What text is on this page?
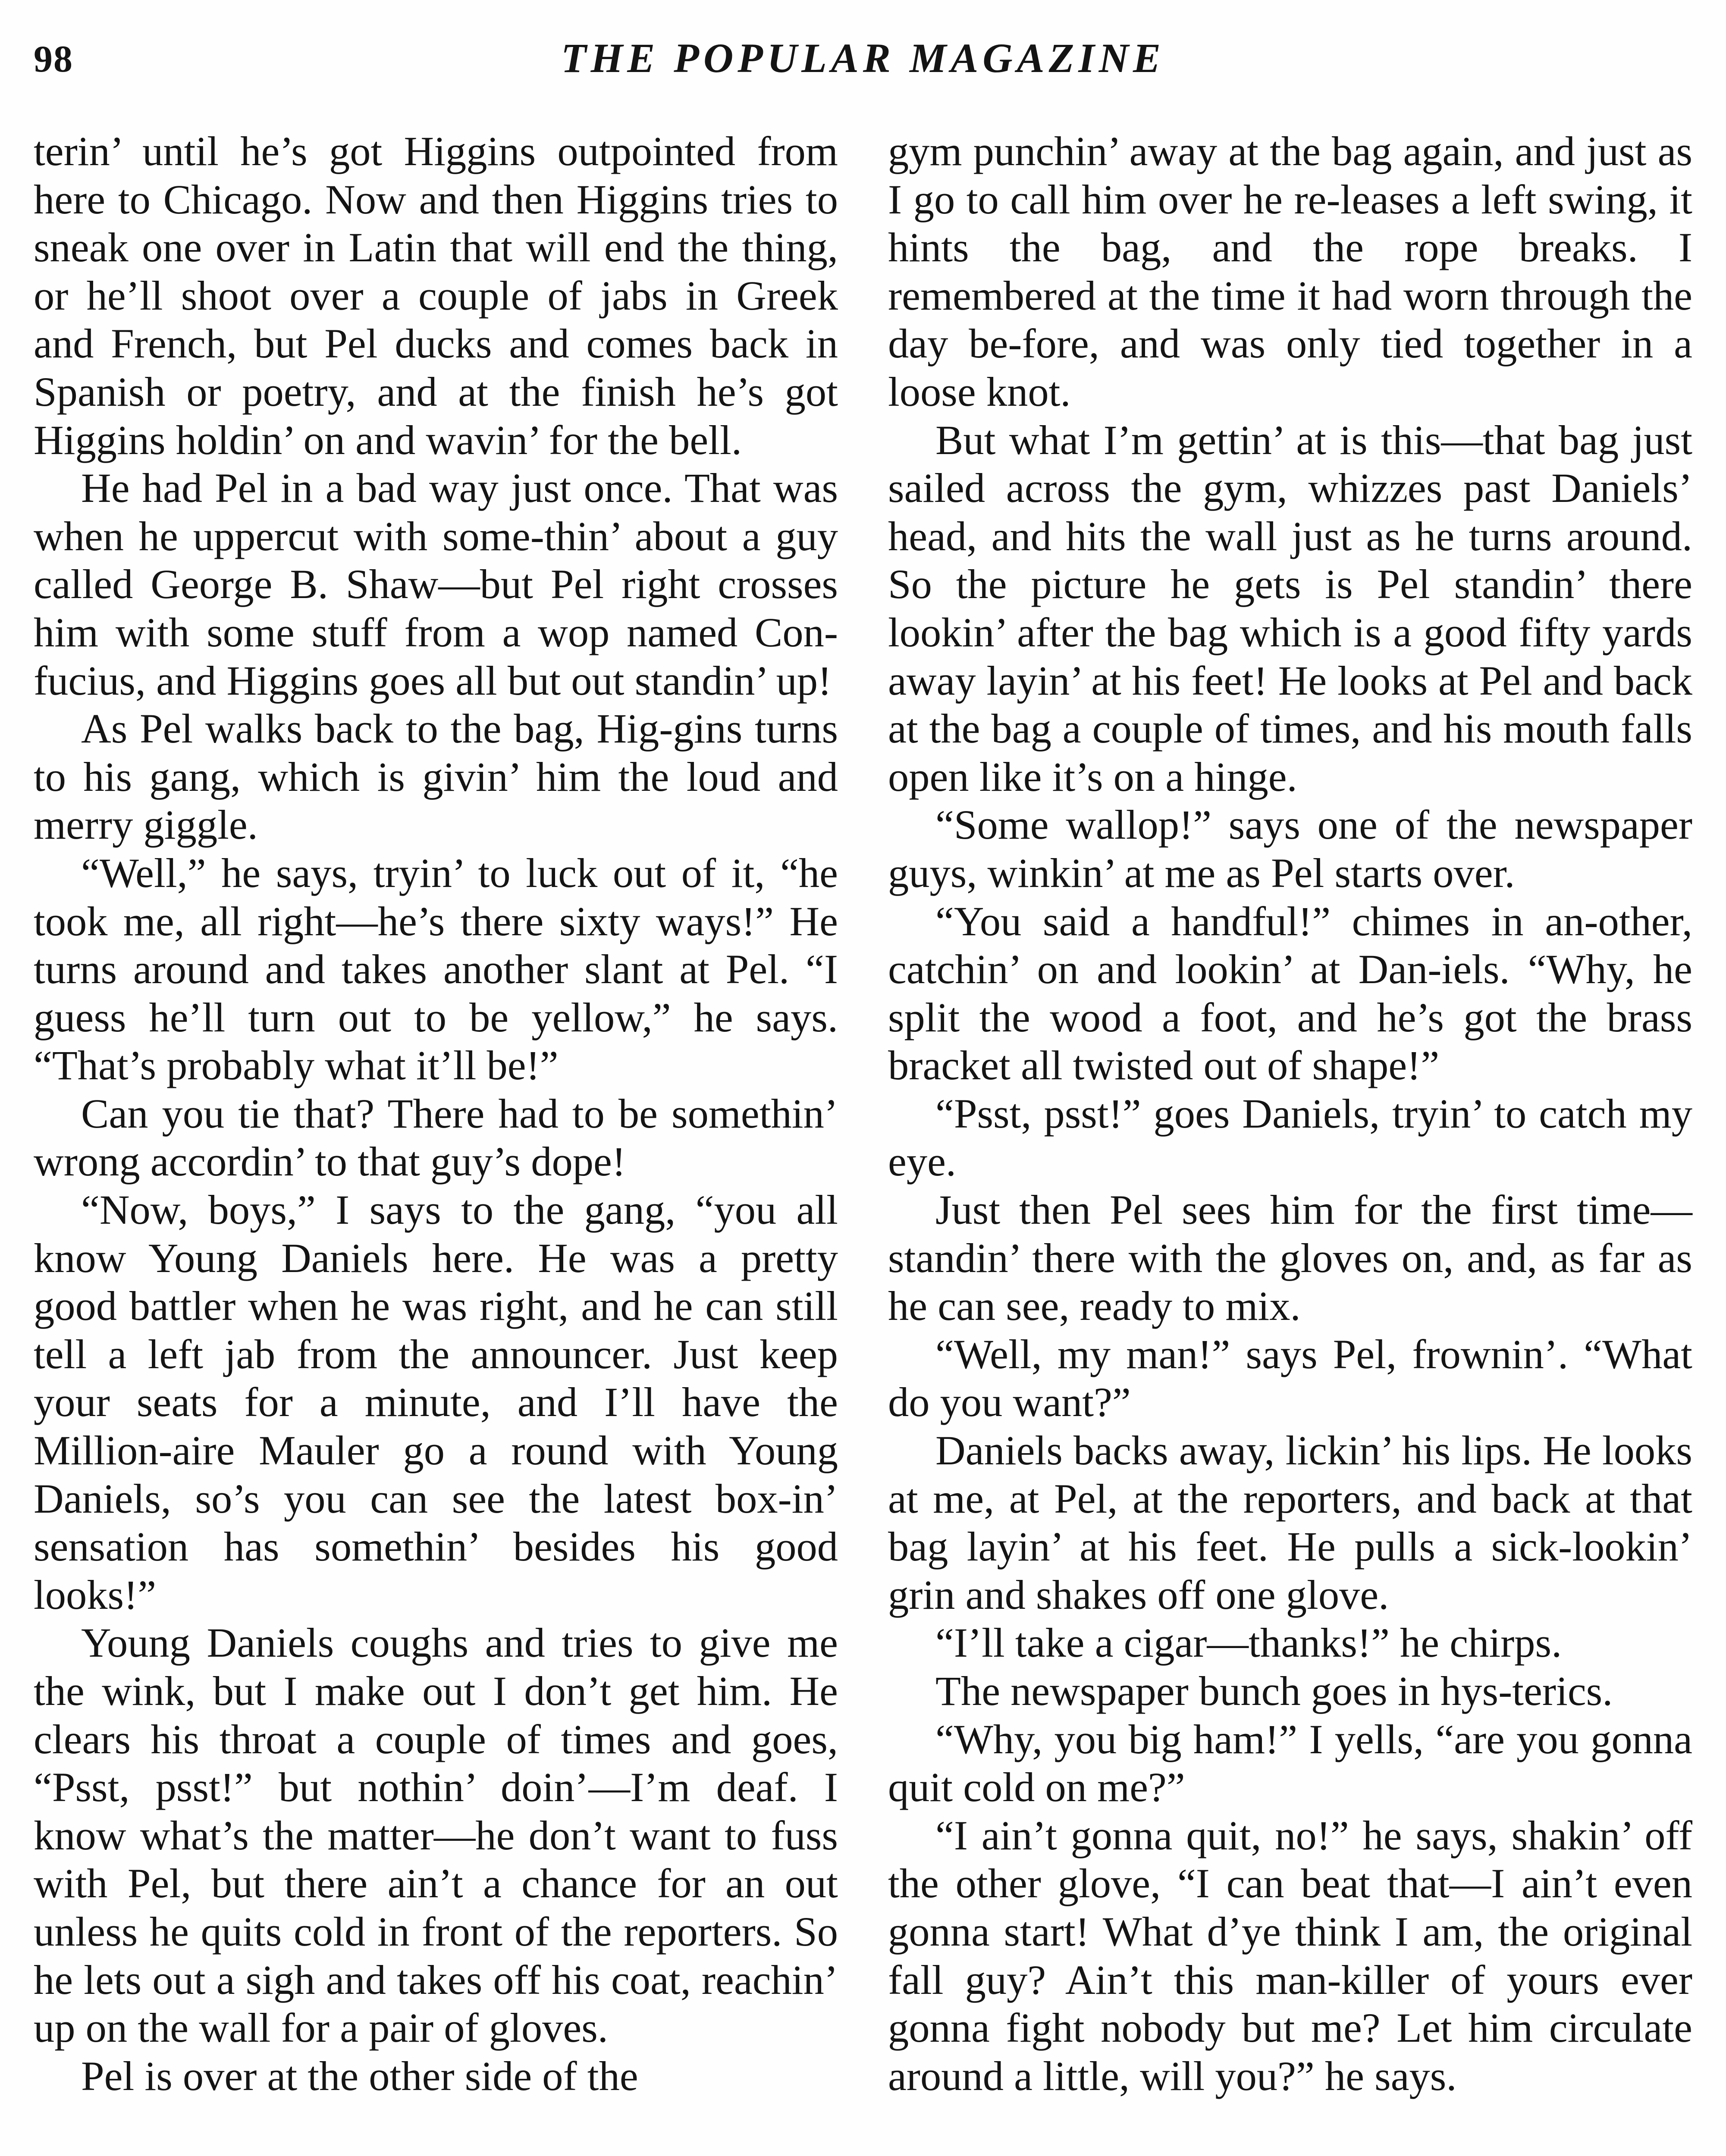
98	THE POPULAR MAGAZINE

terin’ until he’s got Higgins outpointed from here to Chicago. Now and then Higgins tries to sneak one over in Latin that will end the thing, or he’ll shoot over a couple of jabs in Greek and French, but Pel ducks and comes back in Spanish or poetry, and at the finish he’s got Higgins holdin’ on and wavin’ for the bell.

He had Pel in a bad way just once. That was when he uppercut with some-thin’ about a guy called George B. Shaw—but Pel right crosses him with some stuff from a wop named Con-fucius, and Higgins goes all but out standin’ up!

As Pel walks back to the bag, Hig-gins turns to his gang, which is givin’ him the loud and merry giggle.

“Well,” he says, tryin’ to luck out of it, “he took me, all right—he’s there sixty ways!” He turns around and takes another slant at Pel. “I guess he’ll turn out to be yellow,” he says. “That’s probably what it’ll be!”

Can you tie that? There had to be somethin’ wrong accordin’ to that guy’s dope!

“Now, boys,” I says to the gang, “you all know Young Daniels here. He was a pretty good battler when he was right, and he can still tell a left jab from the announcer. Just keep your seats for a minute, and I’ll have the Million-aire Mauler go a round with Young Daniels, so’s you can see the latest box-in’ sensation has somethin’ besides his good looks!”

Young Daniels coughs and tries to give me the wink, but I make out I don’t get him. He clears his throat a couple of times and goes, “Psst, psst!” but nothin’ doin’—I’m deaf. I know what’s the matter—he don’t want to fuss with Pel, but there ain’t a chance for an out unless he quits cold in front of the reporters. So he lets out a sigh and takes off his coat, reachin’ up on the wall for a pair of gloves.

Pel is over at the other side of the

gym punchin’ away at the bag again, and just as I go to call him over he re-leases a left swing, it hints the bag, and the rope breaks. I remembered at the time it had worn through the day be-fore, and was only tied together in a loose knot.

But what I’m gettin’ at is this—that bag just sailed across the gym, whizzes past Daniels’ head, and hits the wall just as he turns around. So the picture he gets is Pel standin’ there lookin’ after the bag which is a good fifty yards away layin’ at his feet! He looks at Pel and back at the bag a couple of times, and his mouth falls open like it’s on a hinge.

“Some wallop!” says one of the newspaper guys, winkin’ at me as Pel starts over.

“You said a handful!” chimes in an-other, catchin’ on and lookin’ at Dan-iels. “Why, he split the wood a foot, and he’s got the brass bracket all twisted out of shape!”

“Psst, psst!” goes Daniels, tryin’ to catch my eye.

Just then Pel sees him for the first time—standin’ there with the gloves on, and, as far as he can see, ready to mix.

“Well, my man!” says Pel, frownin’. “What do you want?”

Daniels backs away, lickin’ his lips. He looks at me, at Pel, at the reporters, and back at that bag layin’ at his feet. He pulls a sick-lookin’ grin and shakes off one glove.

“I’ll take a cigar—thanks!” he chirps.

The newspaper bunch goes in hys-terics.

“Why, you big ham!” I yells, “are you gonna quit cold on me?”

“I ain’t gonna quit, no!” he says, shakin’ off the other glove, “I can beat that—I ain’t even gonna start! What d’ye think I am, the original fall guy? Ain’t this man-killer of yours ever gonna fight nobody but me? Let him circulate around a little, will you?” he says.
